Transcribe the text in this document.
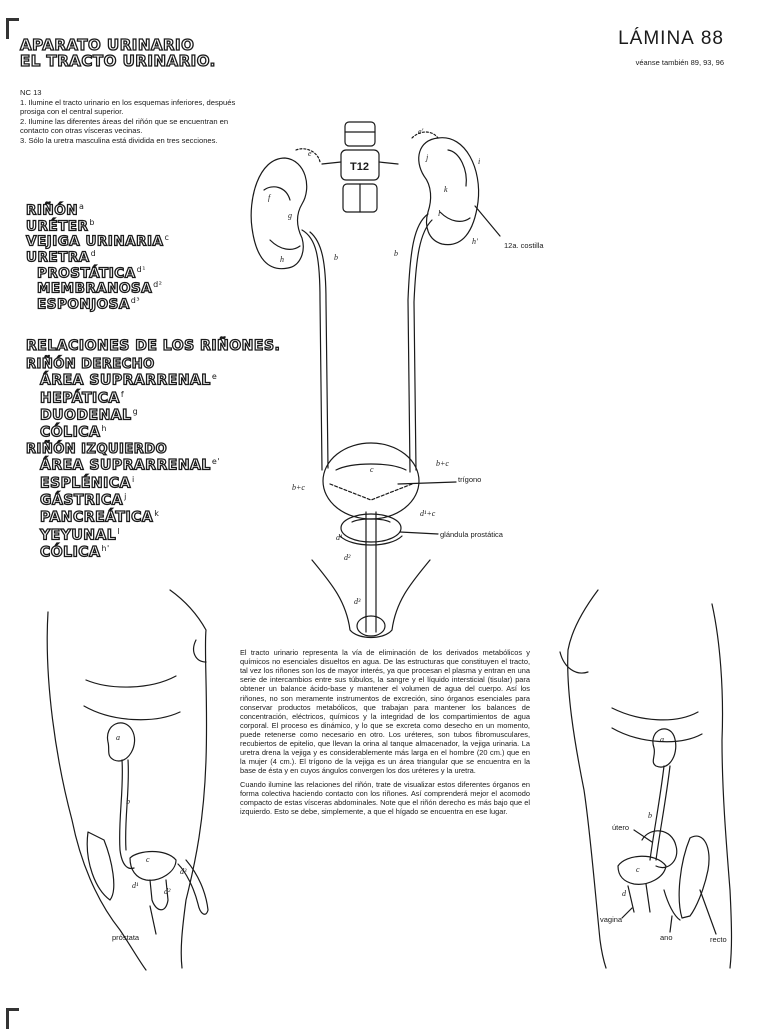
APARATO URINARIO
EL TRACTO URINARIO.
LÁMINA 88
véanse también 89, 93, 96

NC 13

1. Ilumine el tracto urinario en los esquemas inferiores, después prosiga con el central superior.

2. Ilumine las diferentes áreas del riñón que se encuentran en contacto con otras vísceras vecinas.

3. Sólo la uretra masculina está dividida en tres secciones.

RIÑÓN$^a$
URÉTER$^b$
VEJIGA URINARIA$^c$
URETRA$^d$
$PROSTÁTICA^{d^1}$
$MEMBRANOSA^{d^2}$
$ESPONJOSA^{d^3}$
RELACIONES DE LOS RIÑONES.
RIÑÓN DERECHO
ÁREA SUPRARRENAL$^e$
HEPÁTICA$^f$
DUODENAL$^g$
CÓLICA$^h$
RIÑÓN IZQUIERDO
ÁREA $SUPRARRENAL^{e'}$
ESPLÉNICA$^i$
GÁSTRICA$^j$
PANCREÁTICA$^k$
YEYUNAL$^l$
$CÓLICA^{h'}$
T12
e
e'
f
g
h
j	i
k
l
h'
b	b
c
b+c
b+c
d¹+c
d¹
d²
d³
12a. costilla
trígono
glándula prostática
a
b
c
d¹
d²
d³
próstata
a
b
c
d
útero
vagina
ano	recto

El tracto urinario representa la vía de eliminación de los derivados metabólicos y químicos no esenciales disueltos en agua. De las estructuras que constituyen el tracto, tal vez los riñones son los de mayor interés, ya que procesan el plasma y entran en una serie de intercambios entre sus túbulos, la sangre y el líquido intersticial (tisular) para obtener un balance ácido-base y mantener el volumen de agua del cuerpo. Así los riñones, no son meramente instrumentos de excreción, sino órganos esenciales para conservar productos metabólicos, que trabajan para mantener los balances de concentración, eléctricos, químicos y la integridad de los compartimientos de agua corporal. El proceso es dinámico, y lo que se excreta como desecho en un momento, puede retenerse como necesario en otro. Los uréteres, son tubos fibromusculares, recubiertos de epitelio, que llevan la orina al tanque almacenador, la vejiga urinaria. La uretra drena la vejiga y es considerablemente más larga en el hombre (20 cm.) que en la mujer (4 cm.). El trígono de la vejiga es un área triangular que se encuentra en la base de ésta y en cuyos ángulos convergen los dos uréteres y la uretra.

Cuando ilumine las relaciones del riñón, trate de visualizar estos diferentes órganos en forma colectiva haciendo contacto con los riñones. Así comprenderá mejor el acomodo compacto de estas vísceras abdominales. Note que el riñón derecho es más bajo que el izquierdo. Esto se debe, simplemente, a que el hígado se encuentra en ese lugar.
